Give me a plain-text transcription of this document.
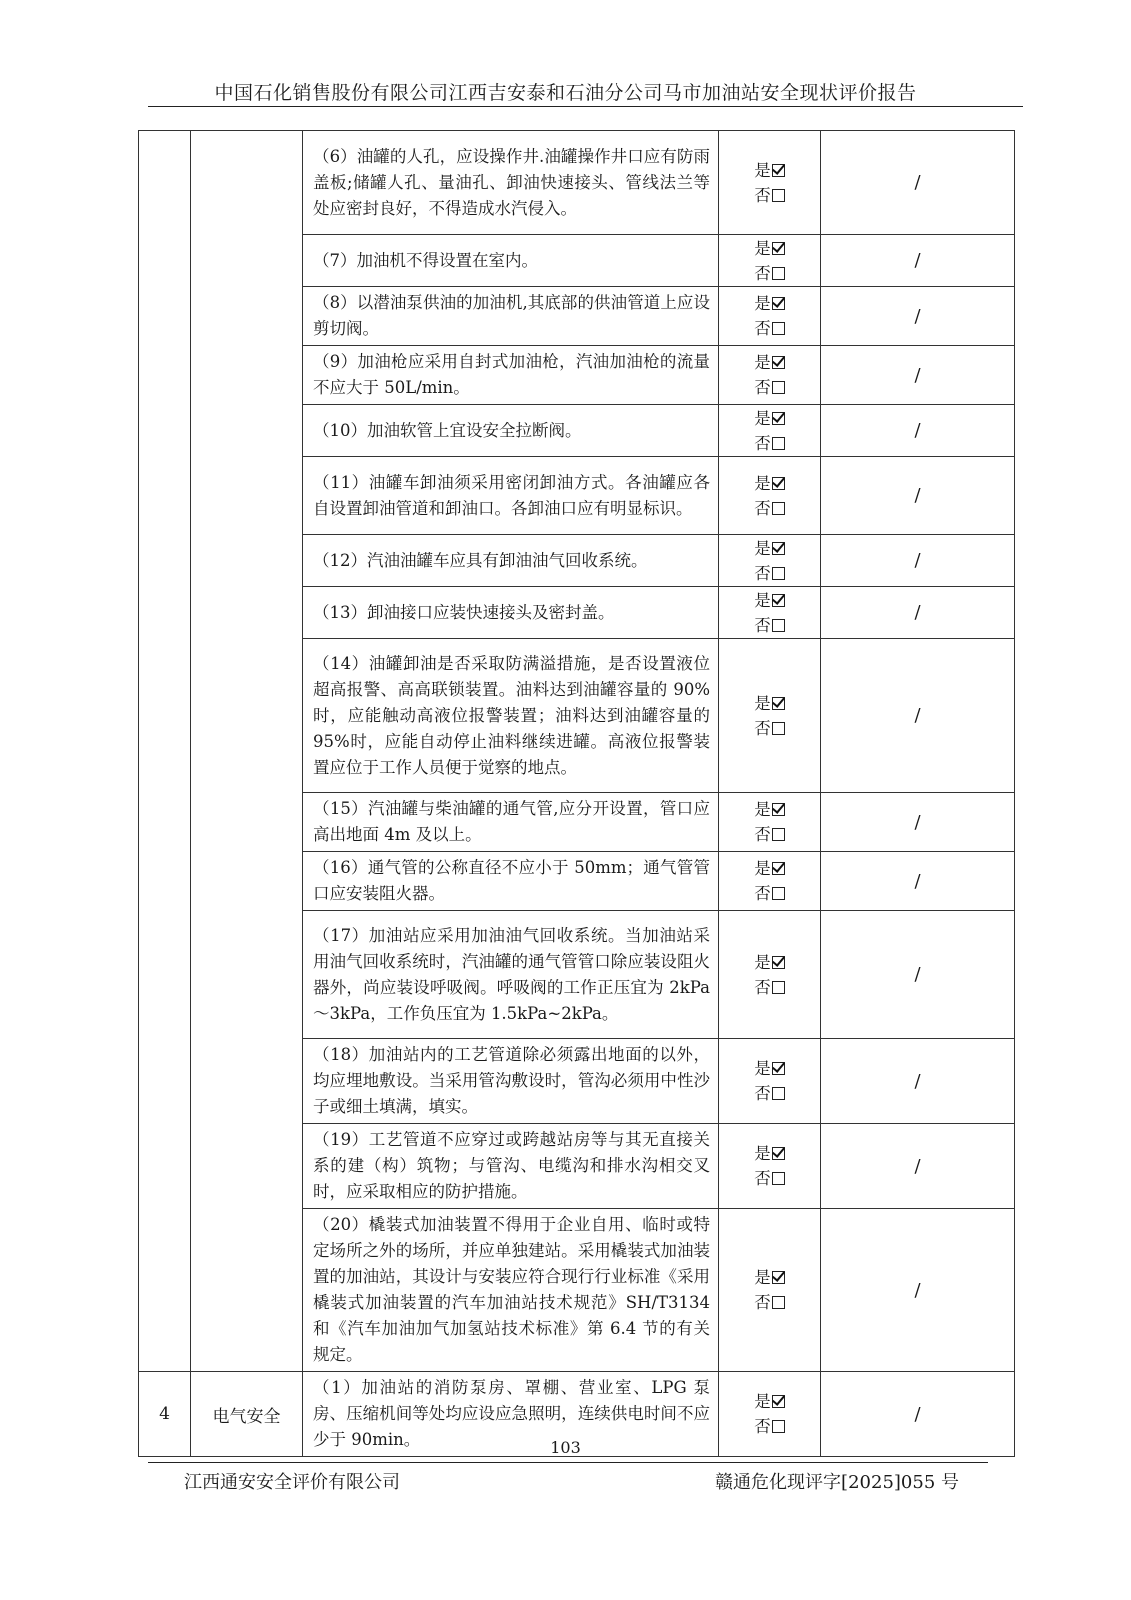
中国石化销售股份有限公司江西吉安泰和石油分公司马市加油站安全现状评价报告
		（6）油罐的人孔，应设操作井.油罐操作井口应有防雨盖板;储罐人孔、量油孔、卸油快速接头、管线法兰等处应密封良好，不得造成水汽侵入。	是
否	/
		（7）加油机不得设置在室内。	是
否	/
		（8）以潜油泵供油的加油机,其底部的供油管道上应设剪切阀。	是
否	/
		（9）加油枪应采用自封式加油枪，汽油加油枪的流量不应大于 50L/min。	是
否	/
		（10）加油软管上宜设安全拉断阀。	是
否	/
		（11）油罐车卸油须采用密闭卸油方式。各油罐应各自设置卸油管道和卸油口。各卸油口应有明显标识。	是
否	/
		（12）汽油油罐车应具有卸油油气回收系统。	是
否	/
		（13）卸油接口应装快速接头及密封盖。	是
否	/
		（14）油罐卸油是否采取防满溢措施，是否设置液位超高报警、高高联锁装置。油料达到油罐容量的 90%时，应能触动高液位报警装置；油料达到油罐容量的 95%时，应能自动停止油料继续进罐。高液位报警装置应位于工作人员便于觉察的地点。	是
否	/
		（15）汽油罐与柴油罐的通气管,应分开设置，管口应高出地面 4m 及以上。	是
否	/
		（16）通气管的公称直径不应小于 50mm；通气管管口应安装阻火器。	是
否	/
		（17）加油站应采用加油油气回收系统。当加油站采用油气回收系统时，汽油罐的通气管管口除应装设阻火器外，尚应装设呼吸阀。呼吸阀的工作正压宜为 2kPa～3kPa，工作负压宜为 1.5kPa~2kPa。	是
否	/
		（18）加油站内的工艺管道除必须露出地面的以外，均应埋地敷设。当采用管沟敷设时，管沟必须用中性沙子或细土填满，填实。	是
否	/
		（19）工艺管道不应穿过或跨越站房等与其无直接关系的建（构）筑物；与管沟、电缆沟和排水沟相交叉时，应采取相应的防护措施。	是
否	/
		（20）橇装式加油装置不得用于企业自用、临时或特定场所之外的场所，并应单独建站。采用橇装式加油装置的加油站，其设计与安装应符合现行行业标准《采用橇装式加油装置的汽车加油站技术规范》SH/T3134 和《汽车加油加气加氢站技术标准》第 6.4 节的有关规定。	是
否	/
4	电气安全	（1）加油站的消防泵房、罩棚、营业室、LPG 泵房、压缩机间等处均应设应急照明，连续供电时间不应少于 90min。	是
否	/
103
江西通安安全评价有限公司	赣通危化现评字[2025]055 号
